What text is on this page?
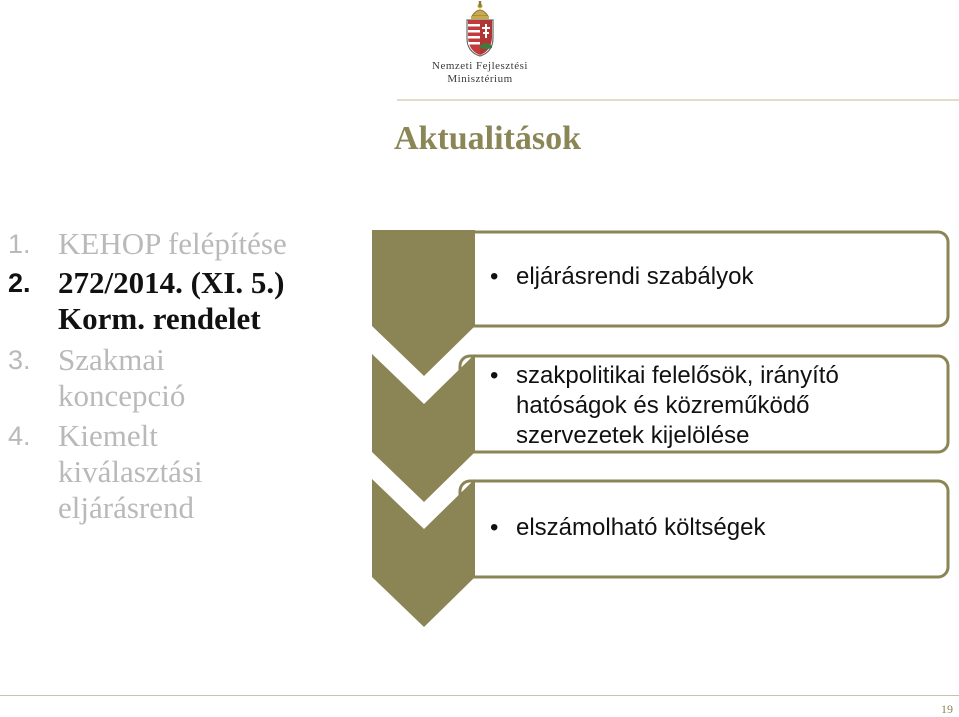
Nemzeti Fejlesztési
Minisztérium
Aktualitások
1. KEHOP felépítése
2. 272/2014. (XI. 5.)
Korm. rendelet
3. Szakmai
koncepció
4. Kiemelt
kiválasztási
eljárásrend
• eljárásrendi szabályok
• szakpolitikai felelősök, irányító hatóságok és közreműködő szervezetek kijelölése
• elszámolható költségek
19
